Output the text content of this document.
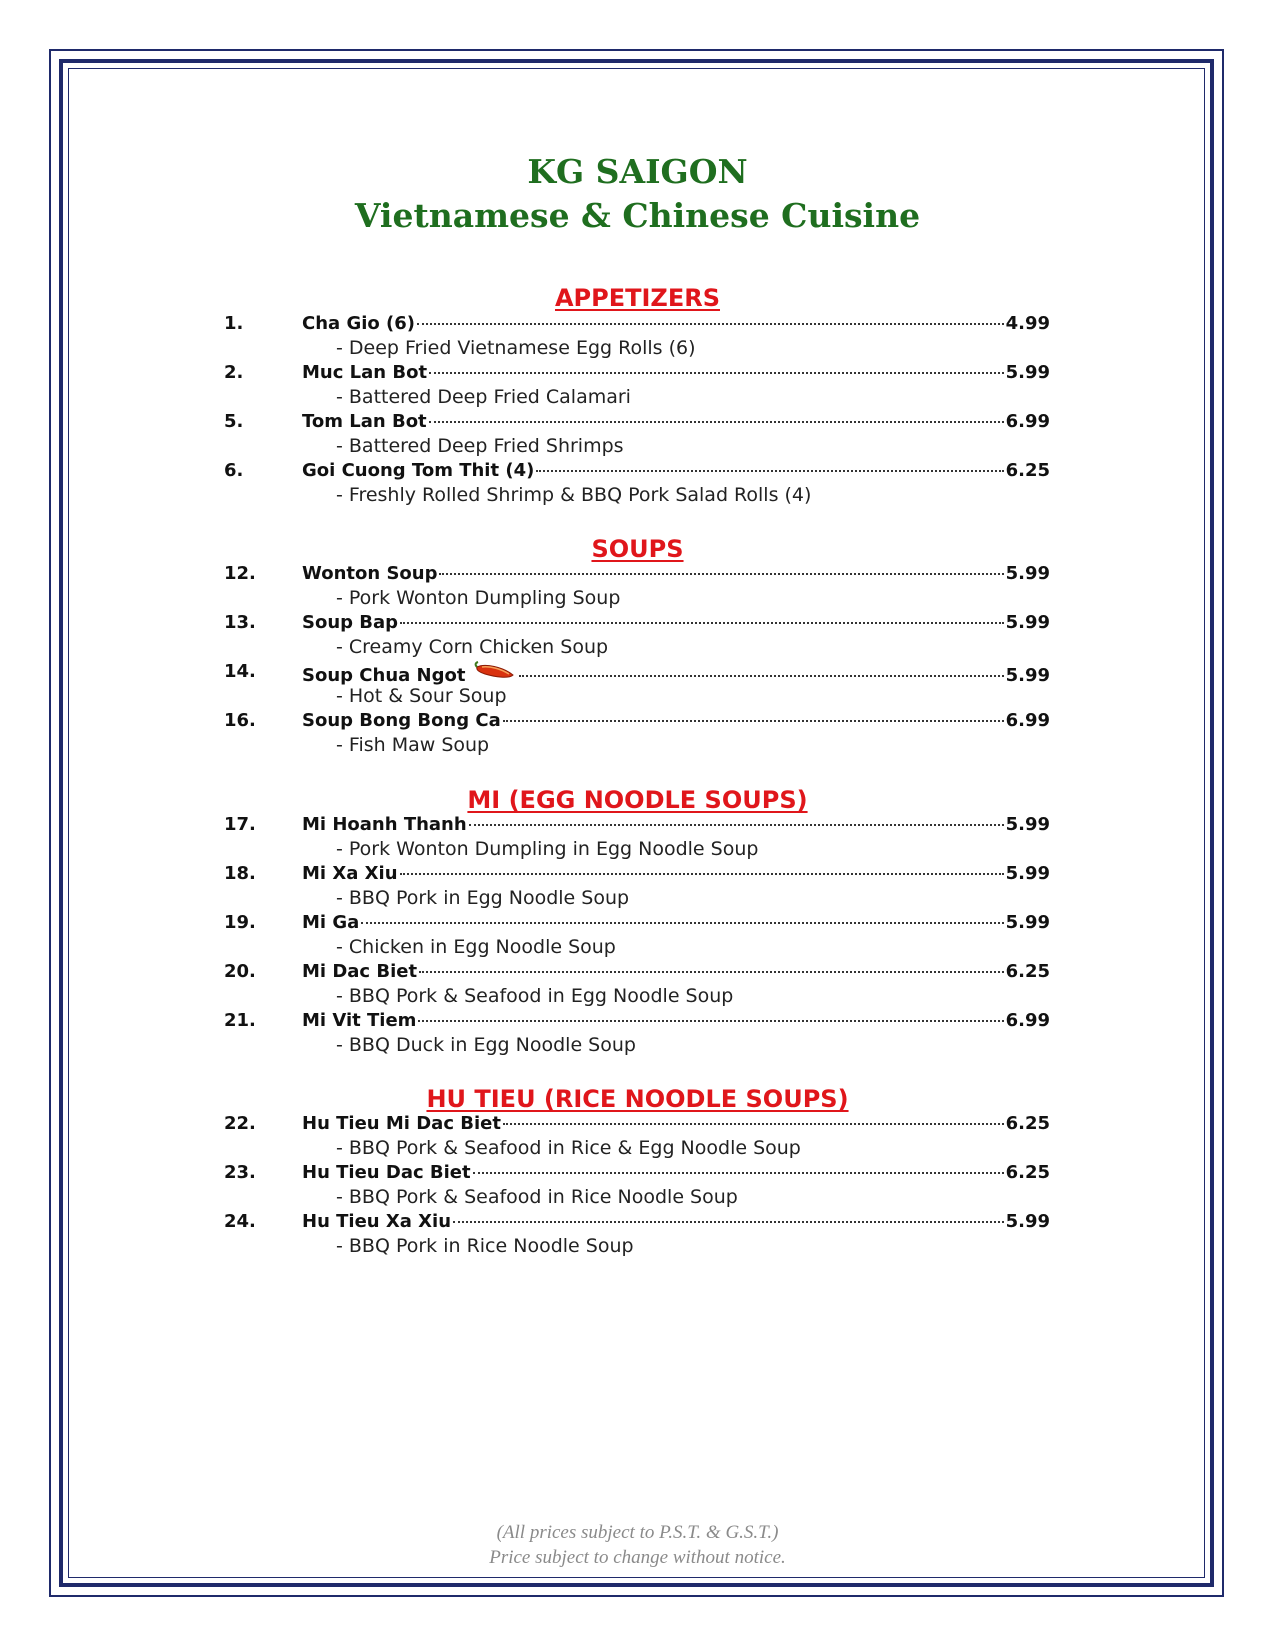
KG SAIGON
Vietnamese & Chinese Cuisine
APPETIZERS
1.	Cha Gio (6)	4.99
- Deep Fried Vietnamese Egg Rolls (6)
2.	Muc Lan Bot	5.99
- Battered Deep Fried Calamari
5.	Tom Lan Bot	6.99
- Battered Deep Fried Shrimps
6.	Goi Cuong Tom Thit (4)	6.25
- Freshly Rolled Shrimp & BBQ Pork Salad Rolls (4)
SOUPS
12.	Wonton Soup	5.99
- Pork Wonton Dumpling Soup
13.	Soup Bap	5.99
- Creamy Corn Chicken Soup
14.	Soup Chua Ngot	5.99
- Hot & Sour Soup
16.	Soup Bong Bong Ca	6.99
- Fish Maw Soup
MI (EGG NOODLE SOUPS)
17.	Mi Hoanh Thanh	5.99
- Pork Wonton Dumpling in Egg Noodle Soup
18.	Mi Xa Xiu	5.99
- BBQ Pork in Egg Noodle Soup
19.	Mi Ga	5.99
- Chicken in Egg Noodle Soup
20.	Mi Dac Biet	6.25
- BBQ Pork & Seafood in Egg Noodle Soup
21.	Mi Vit Tiem	6.99
- BBQ Duck in Egg Noodle Soup
HU TIEU (RICE NOODLE SOUPS)
22.	Hu Tieu Mi Dac Biet	6.25
- BBQ Pork & Seafood in Rice & Egg Noodle Soup
23.	Hu Tieu Dac Biet	6.25
- BBQ Pork & Seafood in Rice Noodle Soup
24.	Hu Tieu Xa Xiu	5.99
- BBQ Pork in Rice Noodle Soup
(All prices subject to P.S.T. & G.S.T.)
Price subject to change without notice.
